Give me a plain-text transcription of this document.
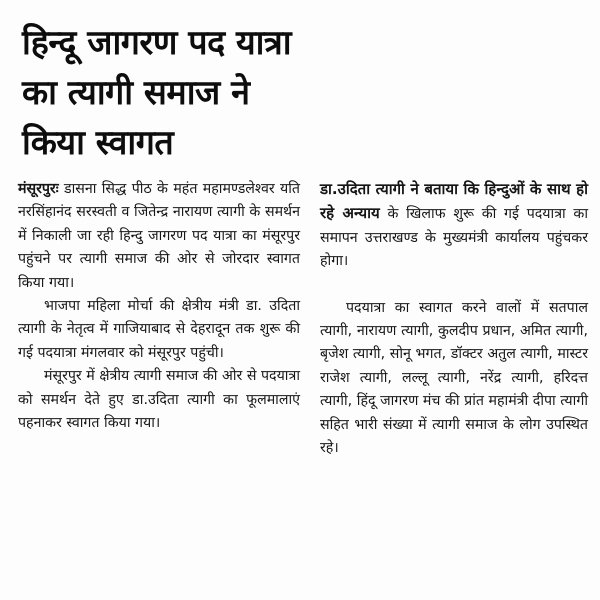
हिन्दू जागरण पद यात्रा
का त्यागी समाज ने
किया स्वागत

मंसूरपुरः डासना सिद्ध पीठ के महंत महामण्डलेश्वर यति नरसिंहानंद सरस्वती व जितेन्द्र नारायण त्यागी के समर्थन में निकाली जा रही हिन्दु जागरण पद यात्रा का मंसूरपुर पहुंचने पर त्यागी समाज की ओर से जोरदार स्वागत किया गया।

भाजपा महिला मोर्चा की क्षेत्रीय मंत्री डा. उदिता त्यागी के नेतृत्व में गाजियाबाद से देहरादून तक शुरू की गई पदयात्रा मंगलवार को मंसूरपुर पहुंची।

मंसूरपुर में क्षेत्रीय त्यागी समाज की ओर से पदयात्रा को समर्थन देते हुए डा.उदिता त्यागी का फूलमालाएं पहनाकर स्वागत किया गया।

डा.उदिता त्यागी ने बताया कि हिन्दुओं के साथ हो रहे अन्याय के खिलाफ शुरू की गई पदयात्रा का समापन उत्तराखण्ड के मुख्यमंत्री कार्यालय पहुंचकर होगा।

पदयात्रा का स्वागत करने वालों में सतपाल त्यागी, नारायण त्यागी, कुलदीप प्रधान, अमित त्यागी, बृजेश त्यागी, सोनू भगत, डॉक्टर अतुल त्यागी, मास्टर राजेश त्यागी, लल्लू त्यागी, नरेंद्र त्यागी, हरिदत्त त्यागी, हिंदू जागरण मंच की प्रांत महामंत्री दीपा त्यागी सहित भारी संख्या में त्यागी समाज के लोग उपस्थित रहे।
